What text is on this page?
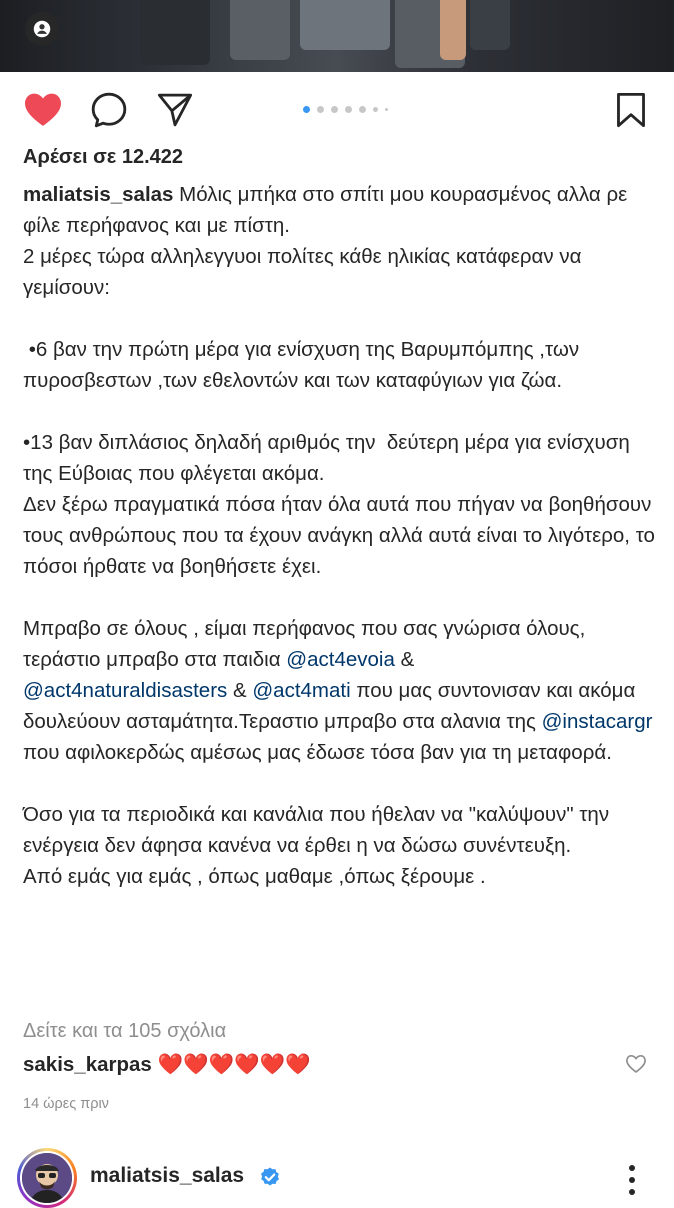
Αρέσει σε 12.422
maliatsis_salas Μόλις μπήκα στο σπίτι μου κουρασμένος αλλα ρε φίλε περήφανος και με πίστη.
2 μέρες τώρα αλληλεγγυοι πολίτες κάθε ηλικίας κατάφεραν να γεμίσουν:

•6 βαν την πρώτη μέρα για ενίσχυση της Βαρυμπόμπης ,των πυροσβεστων ,των εθελοντών και των καταφύγιων για ζώα.

•13 βαν διπλάσιος δηλαδή αριθμός την  δεύτερη μέρα για ενίσχυση της Εύβοιας που φλέγεται ακόμα.
Δεν ξέρω πραγματικά πόσα ήταν όλα αυτά που πήγαν να βοηθήσουν τους ανθρώπους που τα έχουν ανάγκη αλλά αυτά είναι το λιγότερο, το πόσοι ήρθατε να βοηθήσετε έχει.

Μπραβο σε όλους , είμαι περήφανος που σας γνώρισα όλους, τεράστιο μπραβο στα παιδια @act4evoia &
@act4naturaldisasters & @act4mati που μας συντονισαν και ακόμα δουλεύουν ασταμάτητα.Τεραστιο μπραβο στα αλανια της @instacargr που αφιλοκερδώς αμέσως μας έδωσε τόσα βαν για τη μεταφορά.

Όσο για τα περιοδικά και κανάλια που ήθελαν να "καλύψουν" την ενέργεια δεν άφησα κανένα να έρθει η να δώσω συνέντευξη.
Από εμάς για εμάς , όπως μαθαμε ,όπως ξέρουμε .
Δείτε και τα 105 σχόλια
sakis_karpas ❤️❤️❤️❤️❤️❤️
14 ώρες πριν
maliatsis_salas
